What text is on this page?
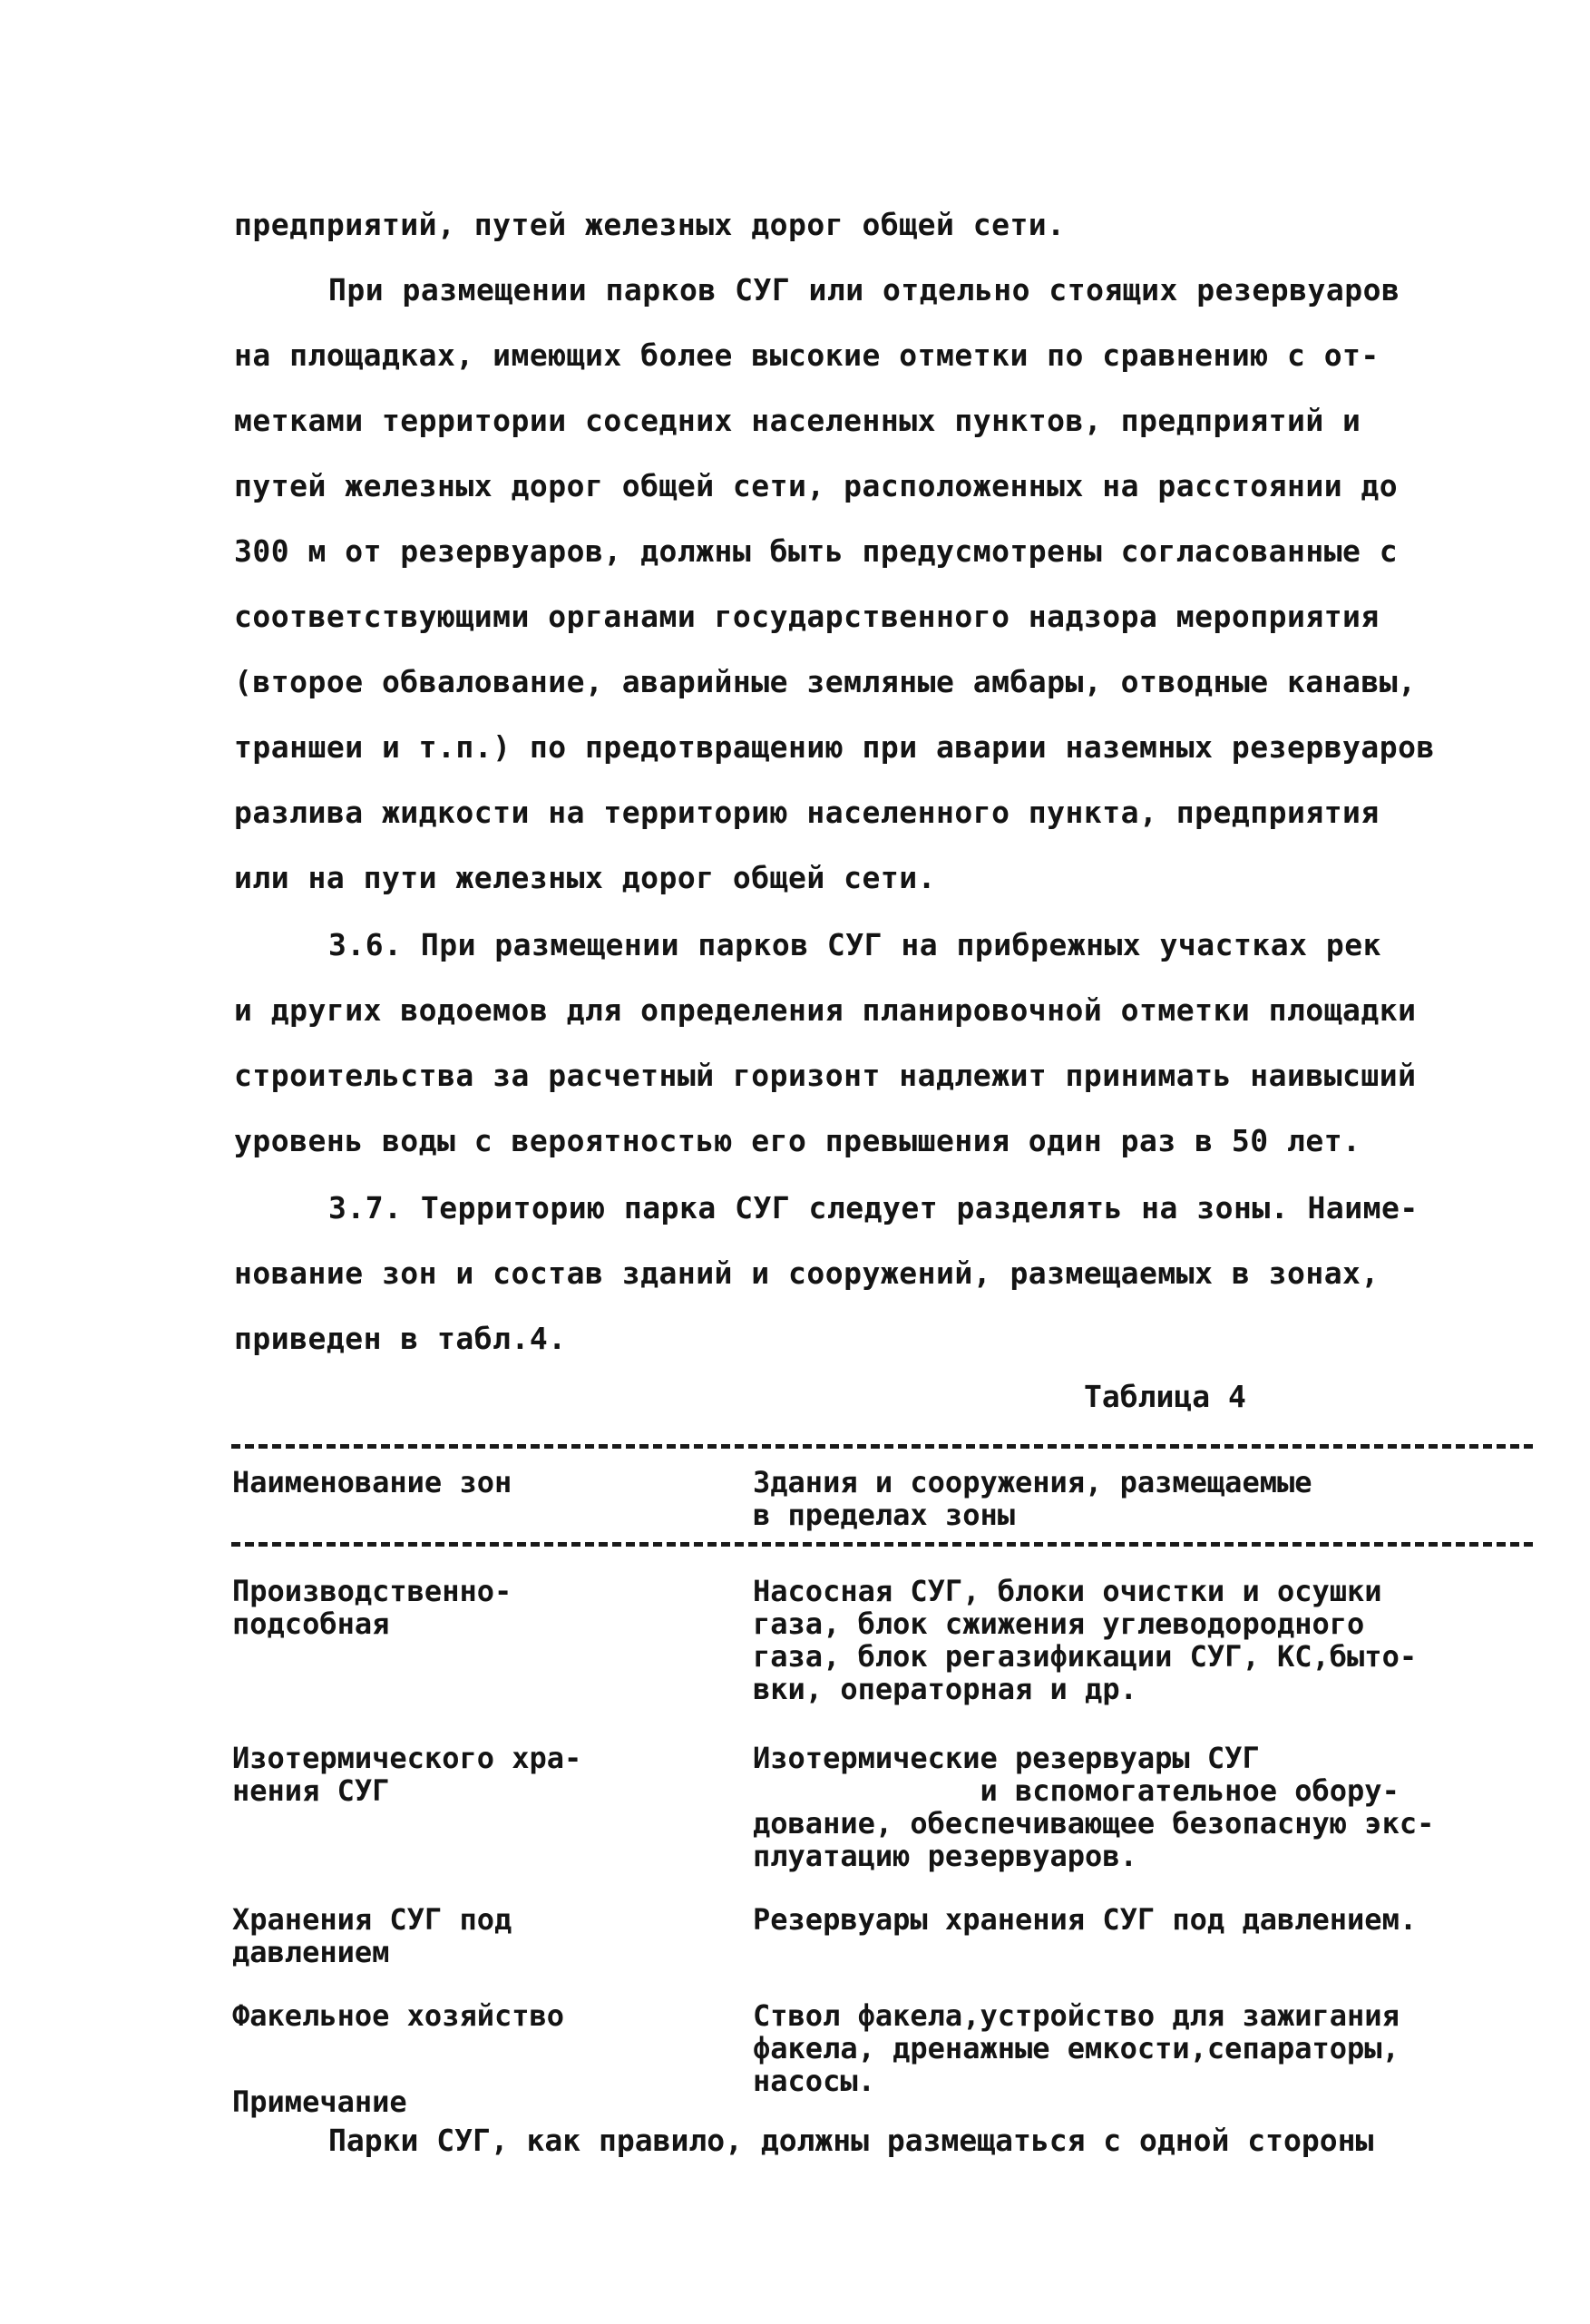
предприятий, путей железных дорог общей сети.
При размещении парков СУГ или отдельно стоящих резервуаров
на площадках, имеющих более высокие отметки по сравнению с от-
метками территории соседних населенных пунктов, предприятий и
путей железных дорог общей сети, расположенных на расстоянии до
300 м от резервуаров, должны быть предусмотрены согласованные с
соответствующими органами государственного надзора мероприятия
(второе обвалование, аварийные земляные амбары, отводные канавы,
траншеи и т.п.) по предотвращению при аварии наземных резервуаров
разлива жидкости на территорию населенного пункта, предприятия
или на пути железных дорог общей сети.
3.6. При размещении парков СУГ на прибрежных участках рек
и других водоемов для определения планировочной отметки площадки
строительства за расчетный горизонт надлежит принимать наивысший
уровень воды с вероятностью его превышения один раз в 50 лет.
3.7. Территорию парка СУГ следует разделять на зоны. Наиме-
нование зон и состав зданий и сооружений, размещаемых в зонах,
приведен в табл.4.
Таблица 4
Наименование зон	Здания и сооружения, размещаемые
в пределах зоны
Производственно-
подсобная
Насосная СУГ, блоки очистки и осушки
газа, блок сжижения углеводородного
газа, блок регазификации СУГ, КС,быто-
вки, операторная и др.
Изотермического хра-
нения СУГ
Изотермические резервуары СУГ
и вспомогательное обору-
дование, обеспечивающее безопасную экс-
плуатацию резервуаров.
Хранения СУГ под
давлением
Резервуары хранения СУГ под давлением.
Факельное хозяйство	Ствол факела,устройство для зажигания
факела, дренажные емкости,сепараторы,
насосы.
Примечание
Парки СУГ, как правило, должны размещаться с одной стороны
